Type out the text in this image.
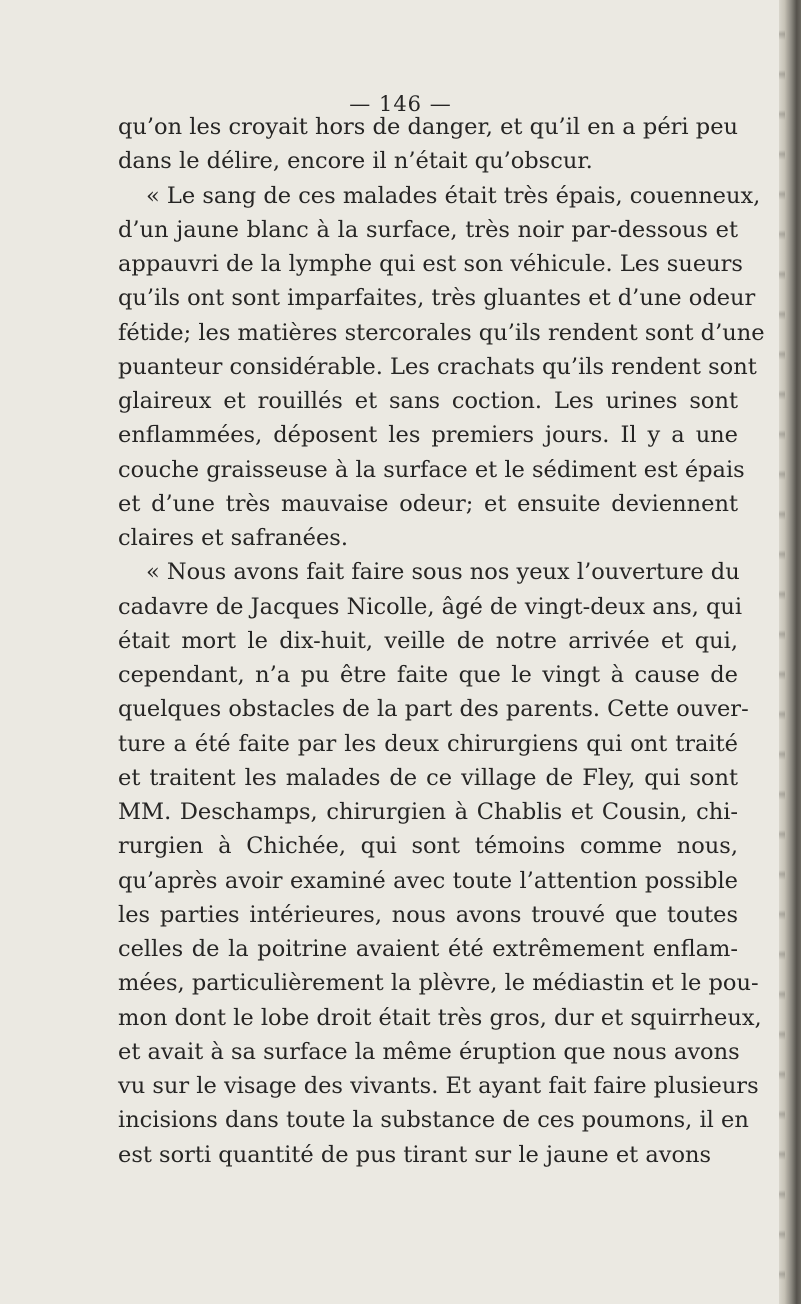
— 146 —
qu’on les croyait hors de danger, et qu’il en a péri peu
dans le délire, encore il n’était qu’obscur.
« Le sang de ces malades était très épais, couenneux,
d’un jaune blanc à la surface, très noir par-dessous et
appauvri de la lymphe qui est son véhicule. Les sueurs
qu’ils ont sont imparfaites, très gluantes et d’une odeur
fétide; les matières stercorales qu’ils rendent sont d’une
puanteur considérable. Les crachats qu’ils rendent sont
glaireux et rouillés et sans coction. Les urines sont
enflammées, déposent les premiers jours. Il y a une
couche graisseuse à la surface et le sédiment est épais
et d’une très mauvaise odeur; et ensuite deviennent
claires et safranées.
« Nous avons fait faire sous nos yeux l’ouverture du
cadavre de Jacques Nicolle, âgé de vingt-deux ans, qui
était mort le dix-huit, veille de notre arrivée et qui,
cependant, n’a pu être faite que le vingt à cause de
quelques obstacles de la part des parents. Cette ouver-
ture a été faite par les deux chirurgiens qui ont traité
et traitent les malades de ce village de Fley, qui sont
MM. Deschamps, chirurgien à Chablis et Cousin, chi-
rurgien à Chichée, qui sont témoins comme nous,
qu’après avoir examiné avec toute l’attention possible
les parties intérieures, nous avons trouvé que toutes
celles de la poitrine avaient été extrêmement enflam-
mées, particulièrement la plèvre, le médiastin et le pou-
mon dont le lobe droit était très gros, dur et squirrheux,
et avait à sa surface la même éruption que nous avons
vu sur le visage des vivants. Et ayant fait faire plusieurs
incisions dans toute la substance de ces poumons, il en
est sorti quantité de pus tirant sur le jaune et avons
